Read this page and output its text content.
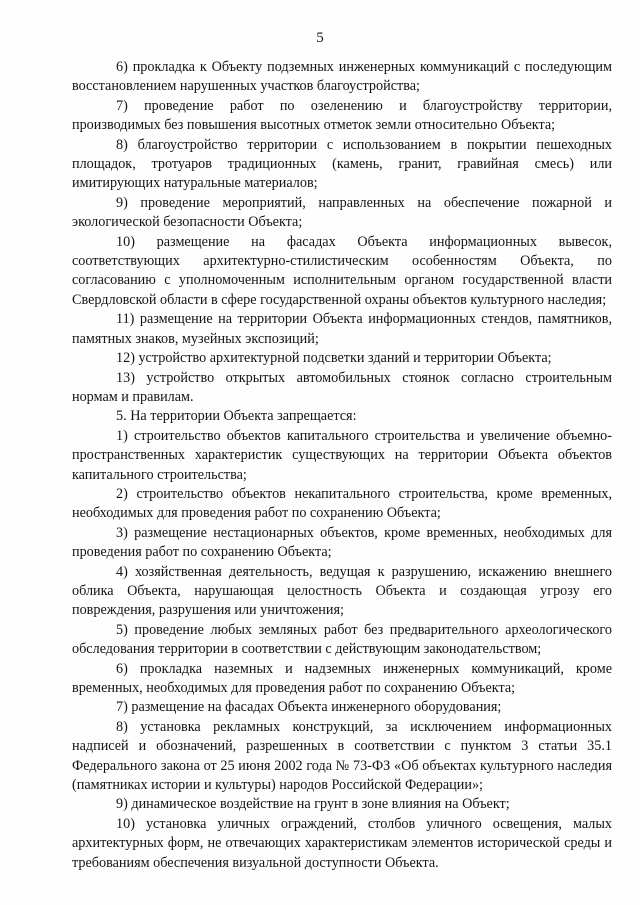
5

6) прокладка к Объекту подземных инженерных коммуникаций с последующим восстановлением нарушенных участков благоустройства;

7) проведение работ по озеленению и благоустройству территории, производимых без повышения высотных отметок земли относительно Объекта;

8) благоустройство территории с использованием в покрытии пешеходных площадок, тротуаров традиционных (камень, гранит, гравийная смесь) или имитирующих натуральные материалов;

9) проведение мероприятий, направленных на обеспечение пожарной и экологической безопасности Объекта;

10) размещение на фасадах Объекта информационных вывесок, соответствующих архитектурно-стилистическим особенностям Объекта, по согласованию с уполномоченным исполнительным органом государственной власти Свердловской области в сфере государственной охраны объектов культурного наследия;

11) размещение на территории Объекта информационных стендов, памятников, памятных знаков, музейных экспозиций;

12) устройство архитектурной подсветки зданий и территории Объекта;

13) устройство открытых автомобильных стоянок согласно строительным нормам и правилам.

5. На территории Объекта запрещается:

1) строительство объектов капитального строительства и увеличение объемно-пространственных характеристик существующих на территории Объекта объектов капитального строительства;

2) строительство объектов некапитального строительства, кроме временных, необходимых для проведения работ по сохранению Объекта;

3) размещение нестационарных объектов, кроме временных, необходимых для проведения работ по сохранению Объекта;

4) хозяйственная деятельность, ведущая к разрушению, искажению внешнего облика Объекта, нарушающая целостность Объекта и создающая угрозу его повреждения, разрушения или уничтожения;

5) проведение любых земляных работ без предварительного археологического обследования территории в соответствии с действующим законодательством;

6) прокладка наземных и надземных инженерных коммуникаций, кроме временных, необходимых для проведения работ по сохранению Объекта;

7) размещение на фасадах Объекта инженерного оборудования;

8) установка рекламных конструкций, за исключением информационных надписей и обозначений, разрешенных в соответствии с пунктом 3 статьи 35.1 Федерального закона от 25 июня 2002 года № 73-ФЗ «Об объектах культурного наследия (памятниках истории и культуры) народов Российской Федерации»;

9) динамическое воздействие на грунт в зоне влияния на Объект;

10) установка уличных ограждений, столбов уличного освещения, малых архитектурных форм, не отвечающих характеристикам элементов исторической среды и требованиям обеспечения визуальной доступности Объекта.
